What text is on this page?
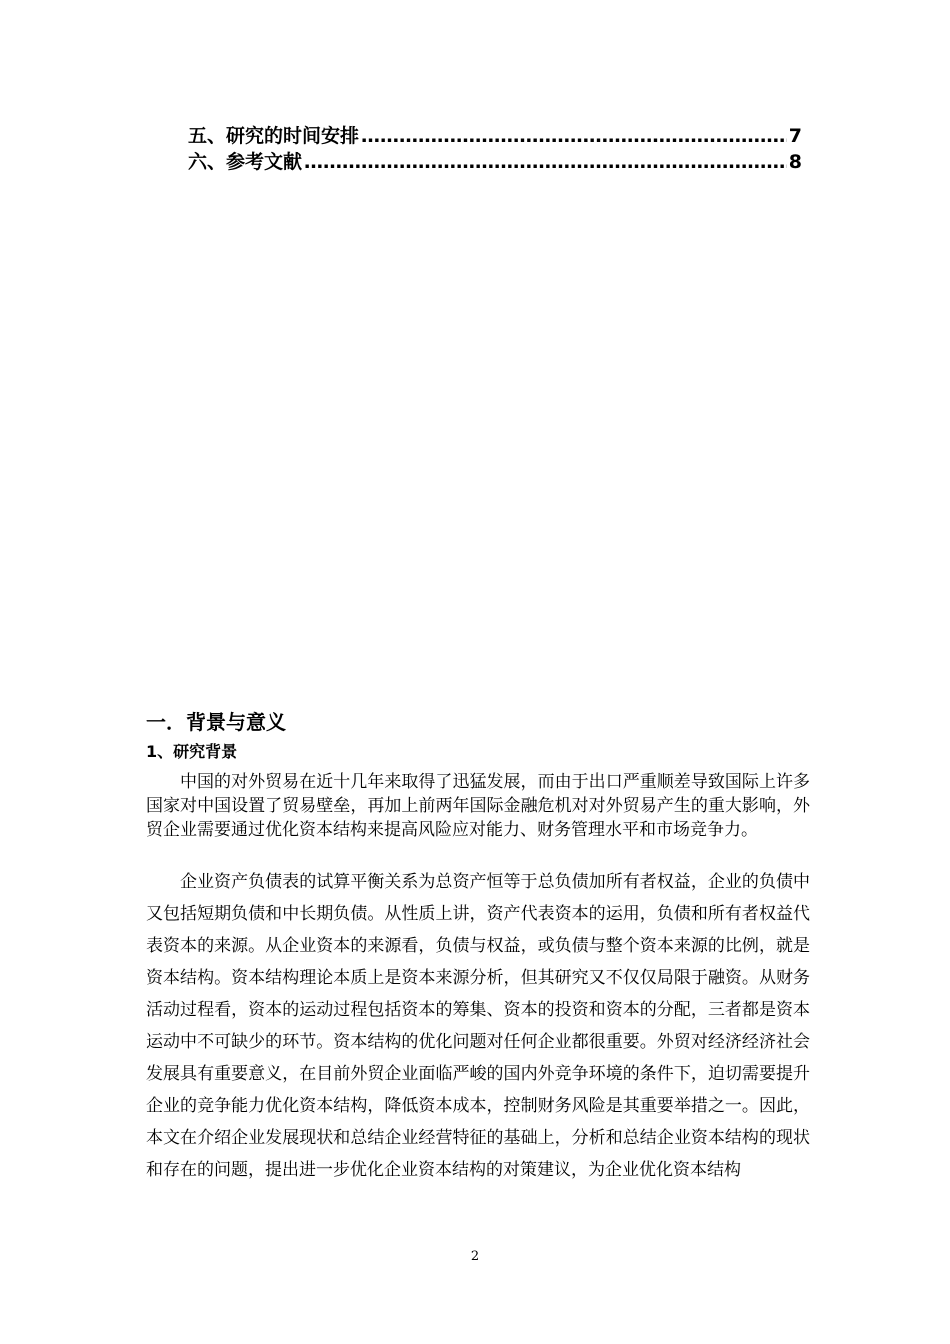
五、研究的时间安排 ……………………………………………………………………………………………………………………	7
六、参考文献 ……………………………………………………………………………………………………………………	8
一．背景与意义
1、研究背景

中国的对外贸易在近十几年来取得了迅猛发展，而由于出口严重顺差导致国际上许多国家对中国设置了贸易壁垒，再加上前两年国际金融危机对对外贸易产生的重大影响，外贸企业需要通过优化资本结构来提高风险应对能力、财务管理水平和市场竞争力。

企业资产负债表的试算平衡关系为总资产恒等于总负债加所有者权益，企业的负债中又包括短期负债和中长期负债。从性质上讲，资产代表资本的运用，负债和所有者权益代表资本的来源。从企业资本的来源看，负债与权益，或负债与整个资本来源的比例，就是资本结构。资本结构理论本质上是资本来源分析，但其研究又不仅仅局限于融资。从财务活动过程看，资本的运动过程包括资本的筹集、资本的投资和资本的分配，三者都是资本运动中不可缺少的环节。资本结构的优化问题对任何企业都很重要。外贸对经济经济社会发展具有重要意义，在目前外贸企业面临严峻的国内外竞争环境的条件下，迫切需要提升企业的竞争能力优化资本结构，降低资本成本，控制财务风险是其重要举措之一。因此，本文在介绍企业发展现状和总结企业经营特征的基础上，分析和总结企业资本结构的现状和存在的问题，提出进一步优化企业资本结构的对策建议，为企业优化资本结构

2
